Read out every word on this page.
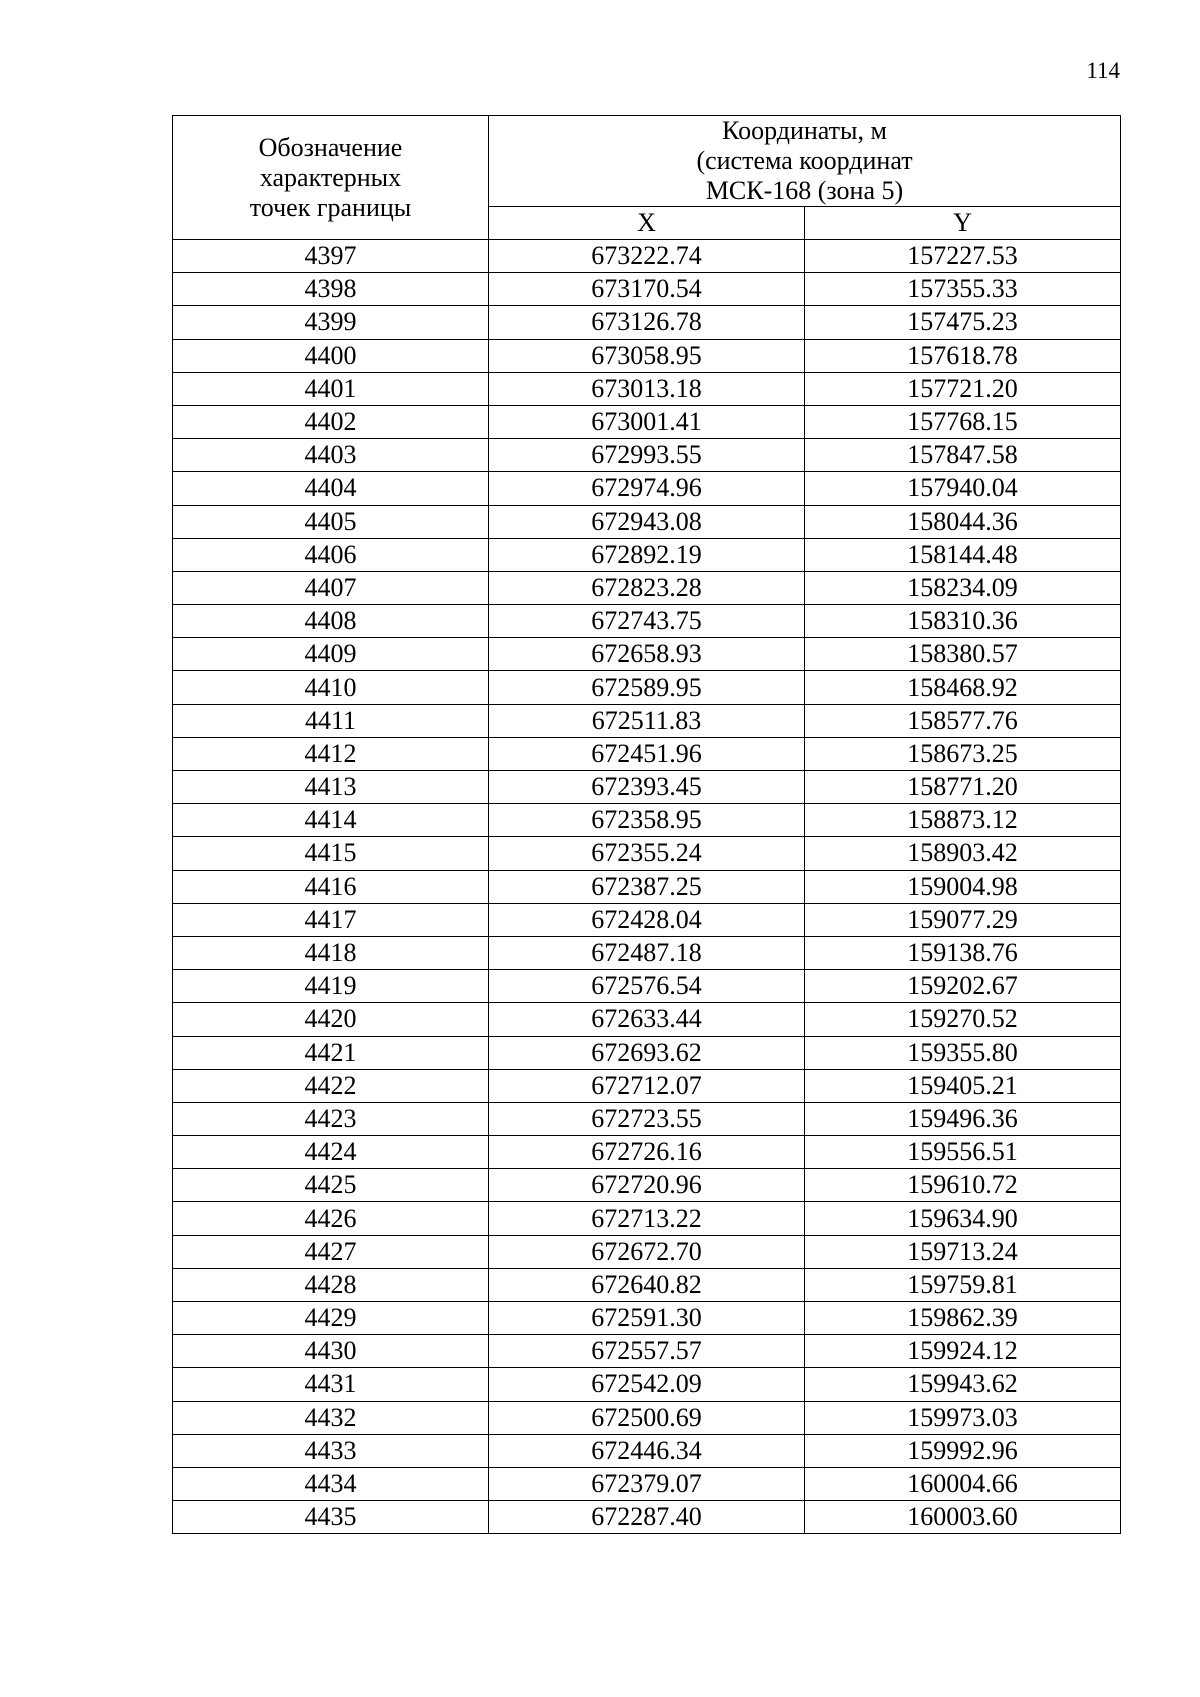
114
Обозначение
характерных
точек границы	Координаты, м
(система координат
МСК-168 (зона 5)	

	X	Y
4397	673222.74	157227.53
4398	673170.54	157355.33
4399	673126.78	157475.23
4400	673058.95	157618.78
4401	673013.18	157721.20
4402	673001.41	157768.15
4403	672993.55	157847.58
4404	672974.96	157940.04
4405	672943.08	158044.36
4406	672892.19	158144.48
4407	672823.28	158234.09
4408	672743.75	158310.36
4409	672658.93	158380.57
4410	672589.95	158468.92
4411	672511.83	158577.76
4412	672451.96	158673.25
4413	672393.45	158771.20
4414	672358.95	158873.12
4415	672355.24	158903.42
4416	672387.25	159004.98
4417	672428.04	159077.29
4418	672487.18	159138.76
4419	672576.54	159202.67
4420	672633.44	159270.52
4421	672693.62	159355.80
4422	672712.07	159405.21
4423	672723.55	159496.36
4424	672726.16	159556.51
4425	672720.96	159610.72
4426	672713.22	159634.90
4427	672672.70	159713.24
4428	672640.82	159759.81
4429	672591.30	159862.39
4430	672557.57	159924.12
4431	672542.09	159943.62
4432	672500.69	159973.03
4433	672446.34	159992.96
4434	672379.07	160004.66
4435	672287.40	160003.60
